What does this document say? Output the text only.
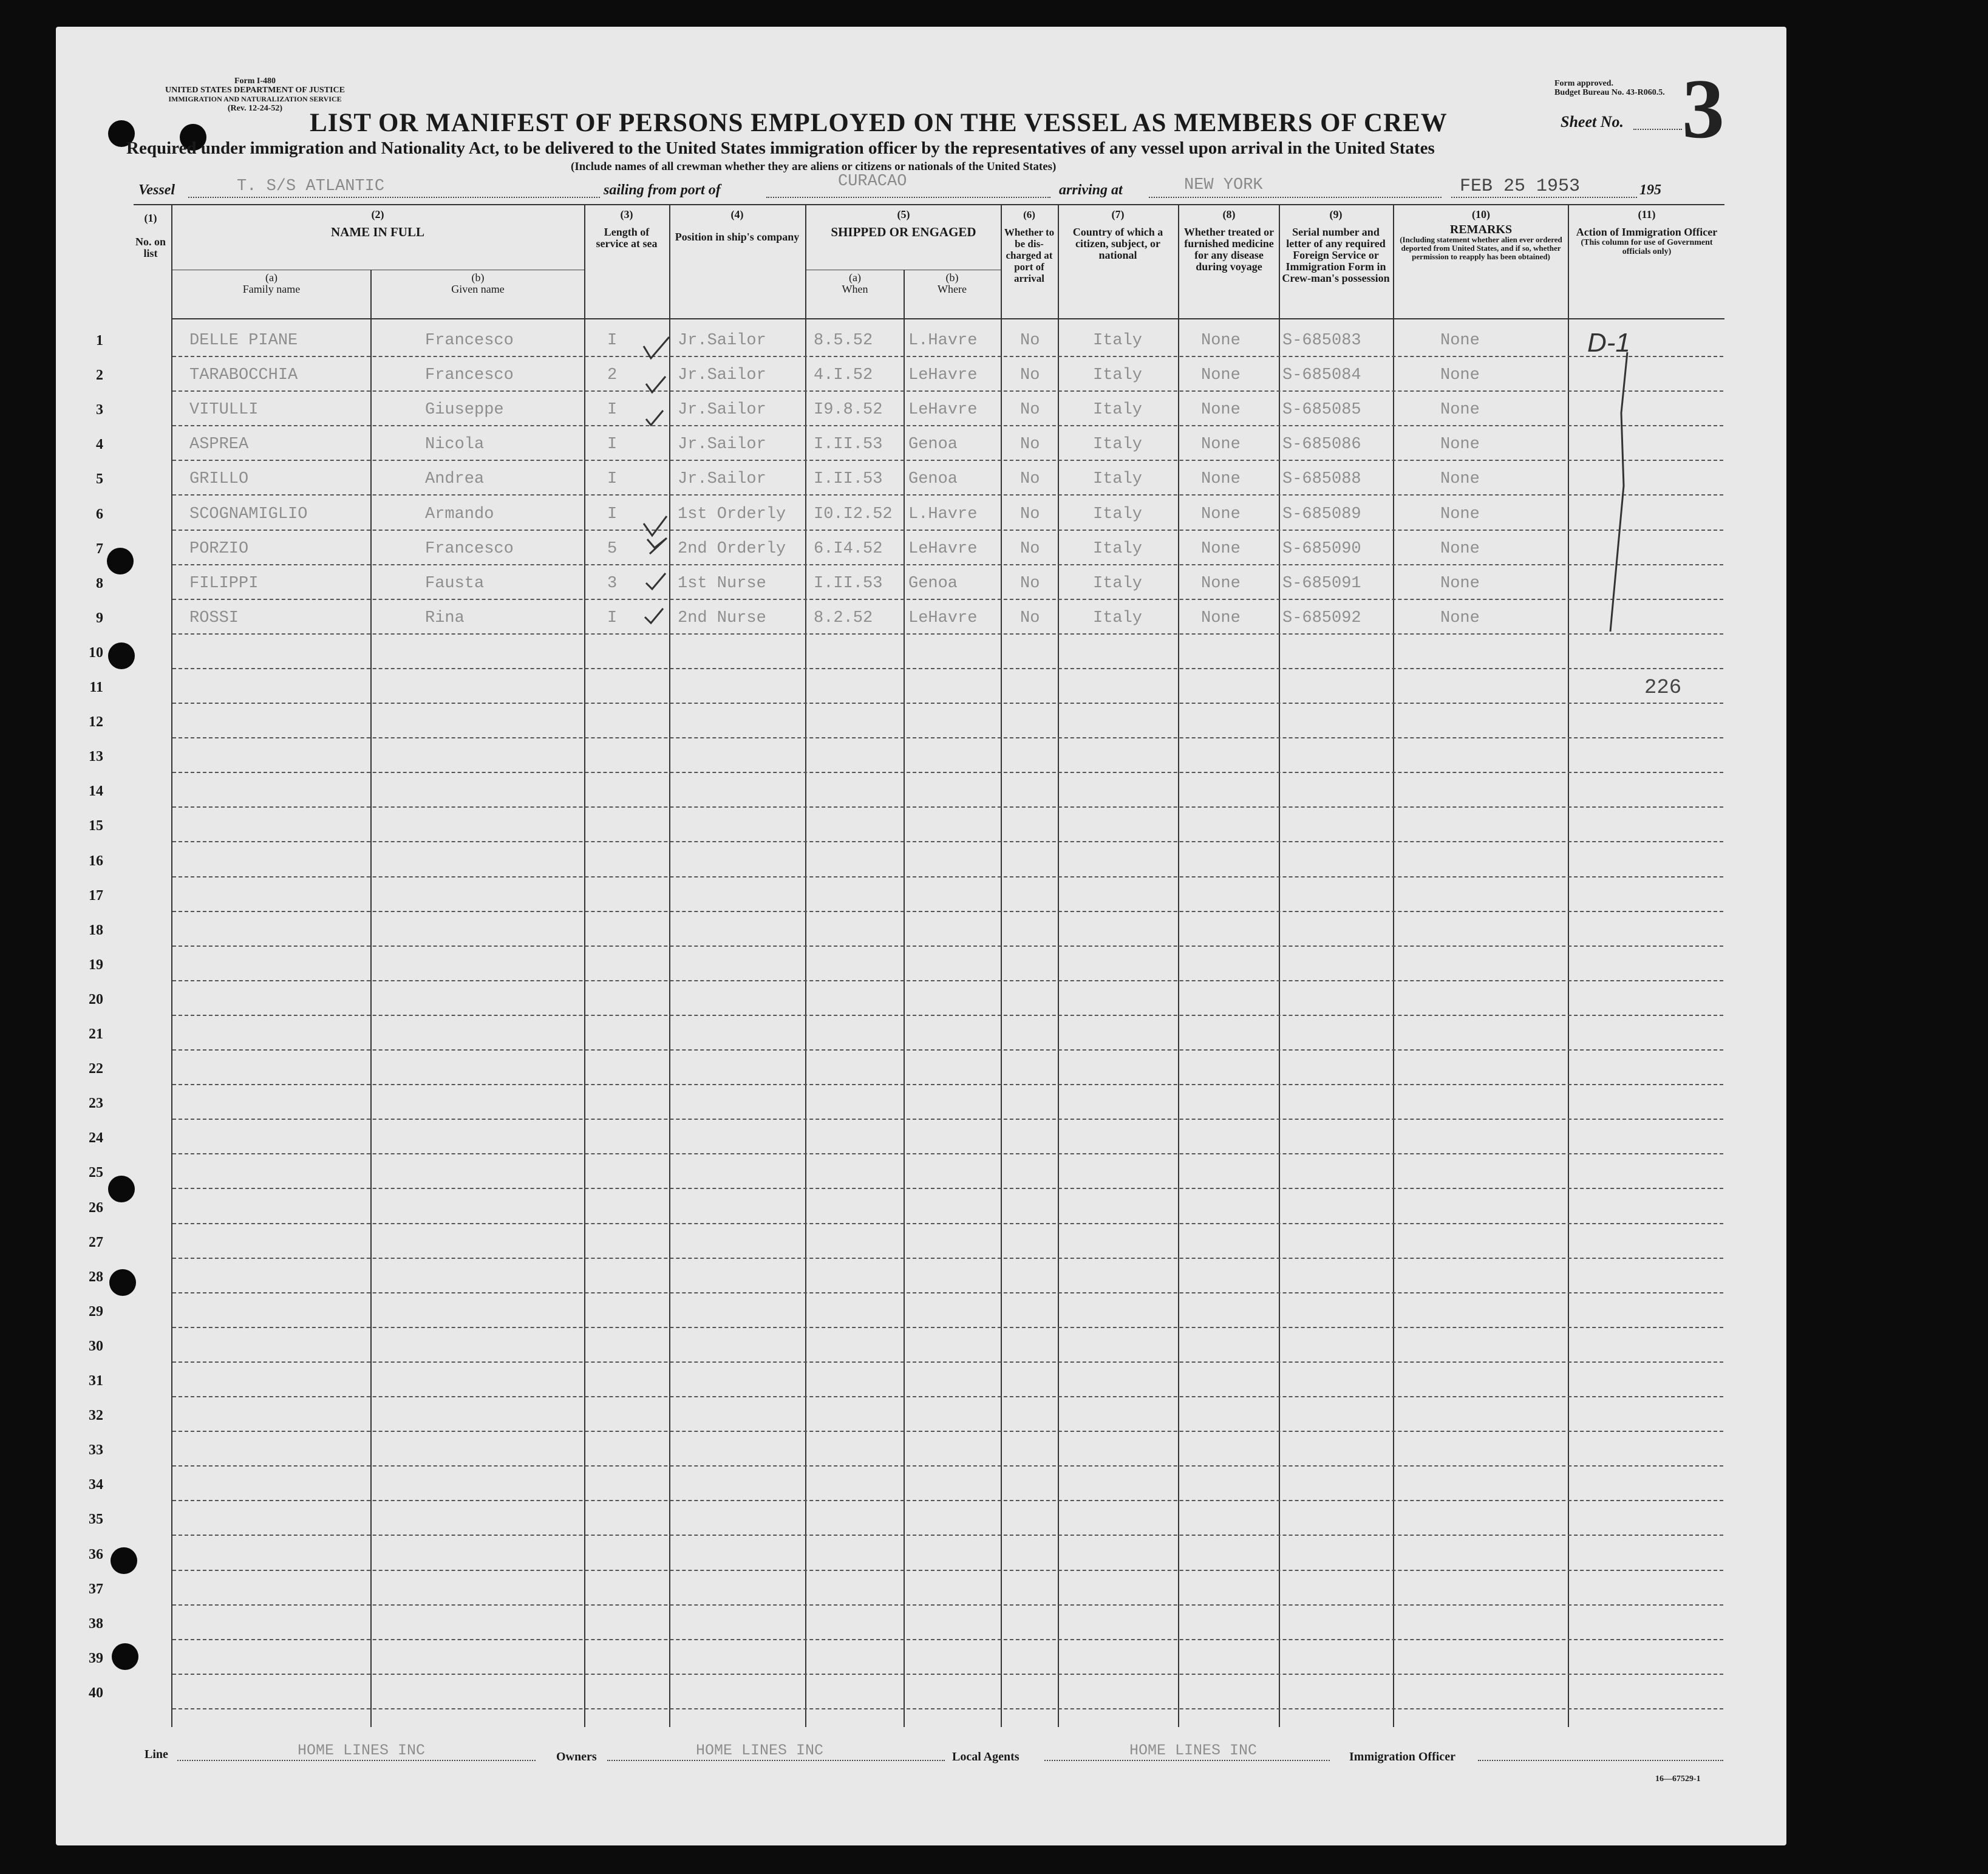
Form I-480
UNITED STATES DEPARTMENT OF JUSTICE
IMMIGRATION AND NATURALIZATION SERVICE
(Rev. 12-24-52)
Form approved.
Budget Bureau No. 43-R060.5.
LIST OR MANIFEST OF PERSONS EMPLOYED ON THE VESSEL AS MEMBERS OF CREW	Sheet No. 3
Required under immigration and Nationality Act, to be delivered to the United States immigration officer by the representatives of any vessel upon arrival in the United States
(Include names of all crewman whether they are aliens or citizens or nationals of the United States)
Vessel	T. S/S ATLANTIC	sailing from port of	CURACAO	arriving at	NEW YORK	FEB 25 1953	195
(1)
No. on list
(2)
NAME IN FULL
(a)
Family name
(b)
Given name
(3)
Length of service at sea
(4)
Position in ship's company
(5)
SHIPPED OR ENGAGED
(a)
When
(b)
Where
(6)
Whether to be dis-charged at port of arrival
(7)
Country of which a citizen, subject, or national
(8)
Whether treated or furnished medicine for any disease during voyage
(9)
Serial number and letter of any required Foreign Service or Immigration Form in Crew-man's possession
(10)
REMARKS
(Including statement whether alien ever ordered deported from United States, and if so, whether permission to reapply has been obtained)
(11)
Action of Immigration Officer
(This column for use of Government officials only)
1
2
3
4
5
6
7
8
9
10
11
12
13
14
15
16
17
18
19
20
21
22
23
24
25
26
27
28
29
30
31
32
33
34
35
36
37
38
39
40
DELLE PIANE	Francesco	I	Jr.Sailor	8.5.52 L.Havre	No	Italy	None	S-685083	None
TARABOCCHIA	Francesco	2	Jr.Sailor	4.I.52 LeHavre	No	Italy	None	S-685084	None
VITULLI	Giuseppe	I	Jr.Sailor	I9.8.52 LeHavre	No	Italy	None	S-685085	None
ASPREA	Nicola	I	Jr.Sailor	I.II.53 Genoa	No	Italy	None	S-685086	None
GRILLO	Andrea	I	Jr.Sailor	I.II.53 Genoa	No	Italy	None	S-685088	None
SCOGNAMIGLIO	Armando	I	1st Orderly I0.I2.52 L.Havre	No	Italy	None	S-685089	None
PORZIO	Francesco	5	2nd Orderly 6.I4.52 LeHavre	No	Italy	None	S-685090	None
FILIPPI	Fausta	3	1st Nurse	I.II.53 Genoa	No	Italy	None	S-685091	None
ROSSI	Rina	I	2nd Nurse	8.2.52 LeHavre	No	Italy	None	S-685092	None
D-1
226
Line	HOME LINES INC	Owners	HOME LINES INC	Local Agents	HOME LINES INC	Immigration Officer
16—67529-1
